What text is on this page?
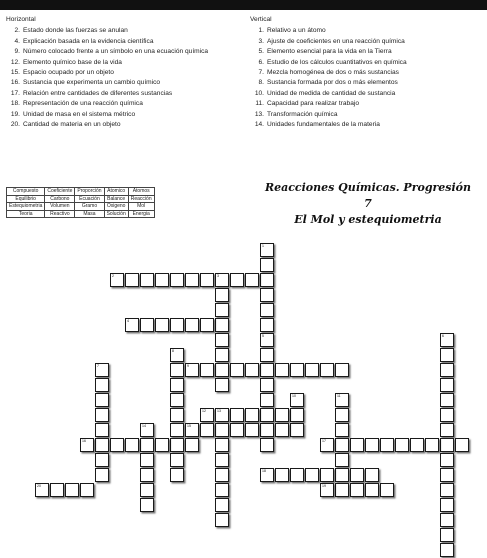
Horizontal
2. Estado donde las fuerzas se anulan
4. Explicación basada en la evidencia científica
9. Número colocado frente a un símbolo en una ecuación química
12. Elemento químico base de la vida
15. Espacio ocupado por un objeto
16. Sustancia que experimenta un cambio químico
17. Relación entre cantidades de diferentes sustancias
18. Representación de una reacción química
19. Unidad de masa en el sistema métrico
20. Cantidad de materia en un objeto
Vertical
1. Relativo a un átomo
3. Ajuste de coeficientes en una reacción química
5. Elemento esencial para la vida en la Tierra
6. Estudio de los cálculos cuantitativos en química
7. Mezcla homogénea de dos o más sustancias
8. Sustancia formada por dos o más elementos
10. Unidad de medida de cantidad de sustancia
11. Capacidad para realizar trabajo
13. Transformación química
14. Unidades fundamentales de la materia
Compuesto	Coeficiente	Proporción	Atomico	Atomos
Equilibrio	Carbono	Ecuación	Balance	Reacción
Estequiometria	Volumen	Gramo	Oxigeno	Mol
Teoria	Reactivo	Masa	Solución	Energia
Reacciones Químicas. Progresión 7
El Mol y estequiometria
1
2	3
4
5	6
7
8
9
10	11
12	13
14	15
16	17
18
19
20
